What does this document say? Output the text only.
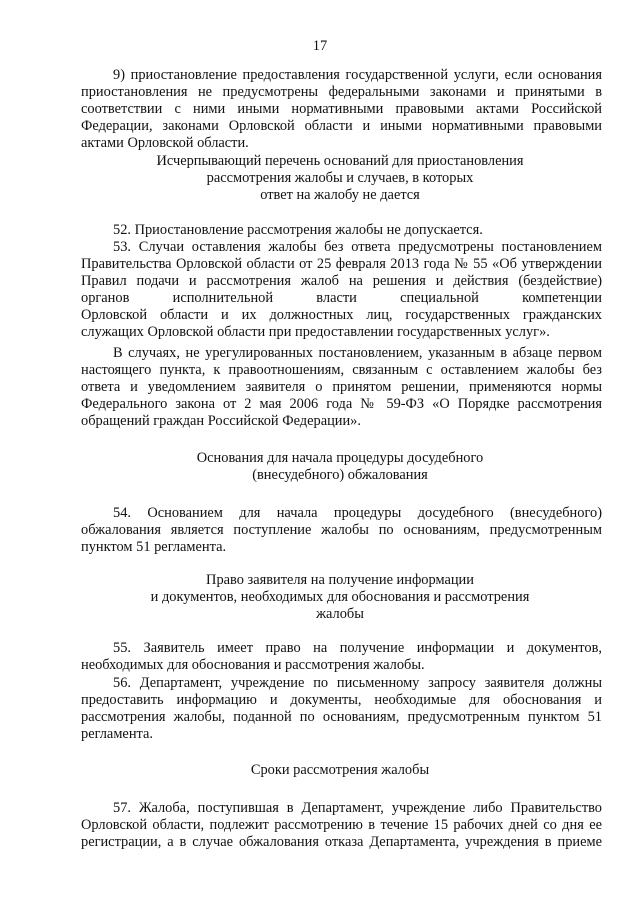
17
9) приостановление предоставления государственной услуги, если основания
приостановления не предусмотрены федеральными законами и принятыми в
соответствии с ними иными нормативными правовыми актами Российской
Федерации, законами Орловской области и иными нормативными правовыми
актами Орловской области.
Исчерпывающий перечень оснований для приостановления
рассмотрения жалобы и случаев, в которых
ответ на жалобу не дается
52. Приостановление рассмотрения жалобы не допускается.
53. Случаи оставления жалобы без ответа предусмотрены постановлением
Правительства Орловской области от 25 февраля 2013 года № 55 «Об утверждении
Правил подачи и рассмотрения жалоб на решения и действия (бездействие)
органов исполнительной власти специальной компетенции
Орловской области и их должностных лиц, государственных гражданских
служащих Орловской области при предоставлении государственных услуг».
В случаях, не урегулированных постановлением, указанным в абзаце первом
настоящего пункта, к правоотношениям, связанным с оставлением жалобы без
ответа и уведомлением заявителя о принятом решении, применяются нормы
Федерального закона от 2 мая 2006 года № 59-ФЗ «О Порядке рассмотрения
обращений граждан Российской Федерации».
Основания для начала процедуры досудебного
(внесудебного) обжалования
54. Основанием для начала процедуры досудебного (внесудебного)
обжалования является поступление жалобы по основаниям, предусмотренным
пунктом 51 регламента.
Право заявителя на получение информации
и документов, необходимых для обоснования и рассмотрения
жалобы
55. Заявитель имеет право на получение информации и документов,
необходимых для обоснования и рассмотрения жалобы.
56. Департамент, учреждение по письменному запросу заявителя должны
предоставить информацию и документы, необходимые для обоснования и
рассмотрения жалобы, поданной по основаниям, предусмотренным пунктом 51
регламента.
Сроки рассмотрения жалобы
57. Жалоба, поступившая в Департамент, учреждение либо Правительство
Орловской области, подлежит рассмотрению в течение 15 рабочих дней со дня ее
регистрации, а в случае обжалования отказа Департамента, учреждения в приеме
